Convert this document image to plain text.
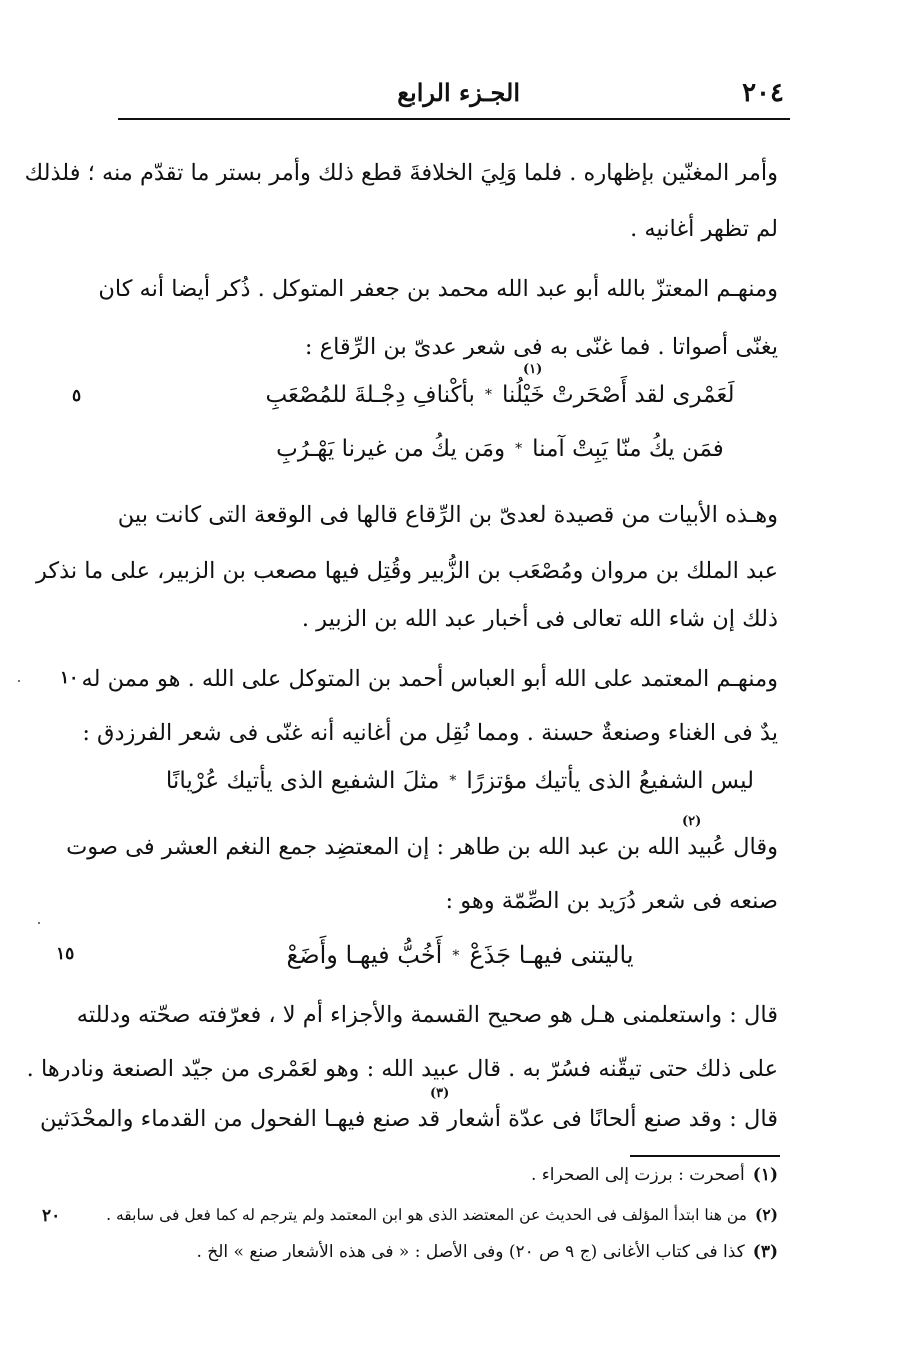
٢٠٤
الجـزء الرابع
وأمر المغنّين بإظهاره . فلما وَلِيَ الخلافةَ قطع ذلك وأمر بستر ما تقدّم منه ؛ فلذلك
لم تظهر أغانيه .
ومنهـم المعتزّ بالله أبو عبد الله محمد بن جعفر المتوكل . ذُكر أيضا أنه كان
يغنّى أصواتا . فما غنّى به فى شعر عدىّ بن الرِّقاع :
لَعَمْرى لقد أَصْحَرتْ خَيْلُنا*بأكْنافِ دِجْـلةَ للمُصْعَبِ
(١)
٥
فمَن يكُ منّا يَبِتْ آمنا*ومَن يكُ من غيرنا يَهْـرُبِ
وهـذه الأبيات من قصيدة لعدىّ بن الرِّقاع قالها فى الوقعة التى كانت بين
عبد الملك بن مروان ومُصْعَب بن الزُّبير وقُتِل فيها مصعب بن الزبير، على ما نذكر
ذلك إن شاء الله تعالى فى أخبار عبد الله بن الزبير .
ومنهـم المعتمد على الله أبو العباس أحمد بن المتوكل على الله . هو ممن له
١٠
يدٌ فى الغناء وصنعةٌ حسنة . ومما نُقِل من أغانيه أنه غنّى فى شعر الفرزدق :
ليس الشفيعُ الذى يأتيك مؤتزرًا*مثلَ الشفيع الذى يأتيك عُرْيانًا
(٢)
وقال عُبيد الله بن عبد الله بن طاهر : إن المعتضِد جمع النغم العشر فى صوت
صنعه فى شعر دُرَيد بن الصِّمّة وهو :
ياليتنى فيهـا جَذَعْ*أَخُبُّ فيهـا وأَضَعْ
١٥
قال : واستعلمنى هـل هو صحيح القسمة والأجزاء أم لا ، فعرّفته صحّته ودللته
على ذلك حتى تيقّنه فسُرّ به . قال عبيد الله : وهو لعَمْرى من جيّد الصنعة ونادرها .
(٣)
قال : وقد صنع ألحانًا فى عدّة أشعار قد صنع فيهـا الفحول من القدماء والمحْدَثين
(١)أصحرت : برزت إلى الصحراء .
(٢)من هنا ابتدأ المؤلف فى الحديث عن المعتضد الذى هو ابن المعتمد ولم يترجم له كما فعل فى سابقه .
٢٠
(٣)كذا فى كتاب الأغانى (ج ٩ ص ٢٠) وفى الأصل : « فى هذه الأشعار صنع » الخ .
